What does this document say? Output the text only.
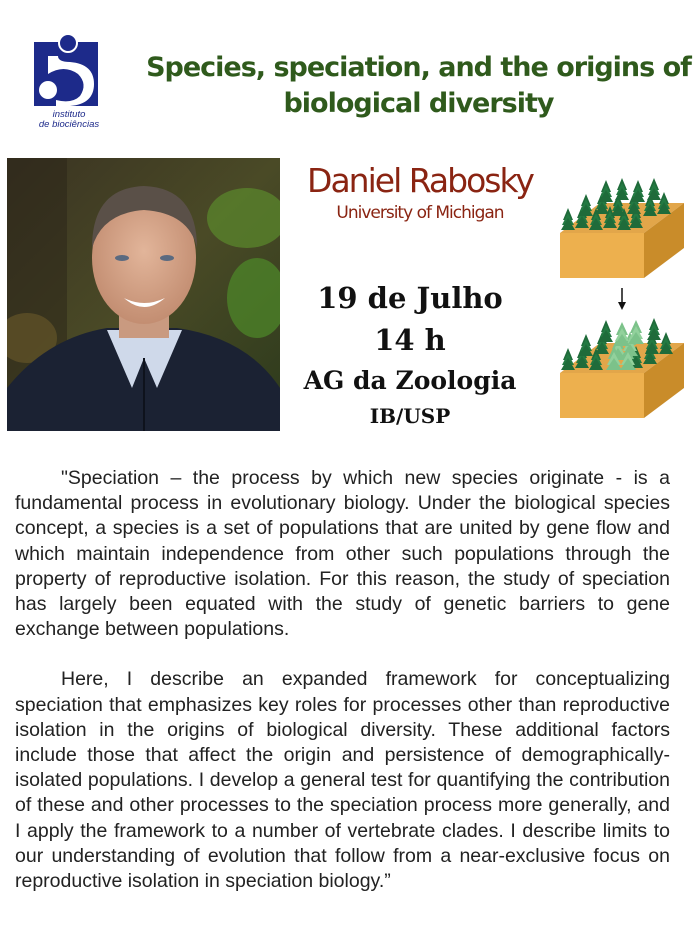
instituto
de biociências
Species, speciation, and the origins of biological diversity
Daniel Rabosky
University of Michigan
19 de Julho
14 h
AG da Zoologia
IB/USP

"Speciation – the process by which new species originate - is a fundamental process in evolutionary biology. Under the biological species concept, a species is a set of populations that are united by gene flow and which maintain independence from other such populations through the property of reproductive isolation. For this reason, the study of speciation has largely been equated with the study of genetic barriers to gene exchange between populations.

Here, I describe an expanded framework for conceptualizing speciation that emphasizes key roles for processes other than reproductive isolation in the origins of biological diversity. These additional factors include those that affect the origin and persistence of demographically-isolated populations. I develop a general test for quantifying the contribution of these and other processes to the speciation process more generally, and I apply the framework to a number of vertebrate clades. I describe limits to our understanding of evolution that follow from a near-exclusive focus on reproductive isolation in speciation biology.”
